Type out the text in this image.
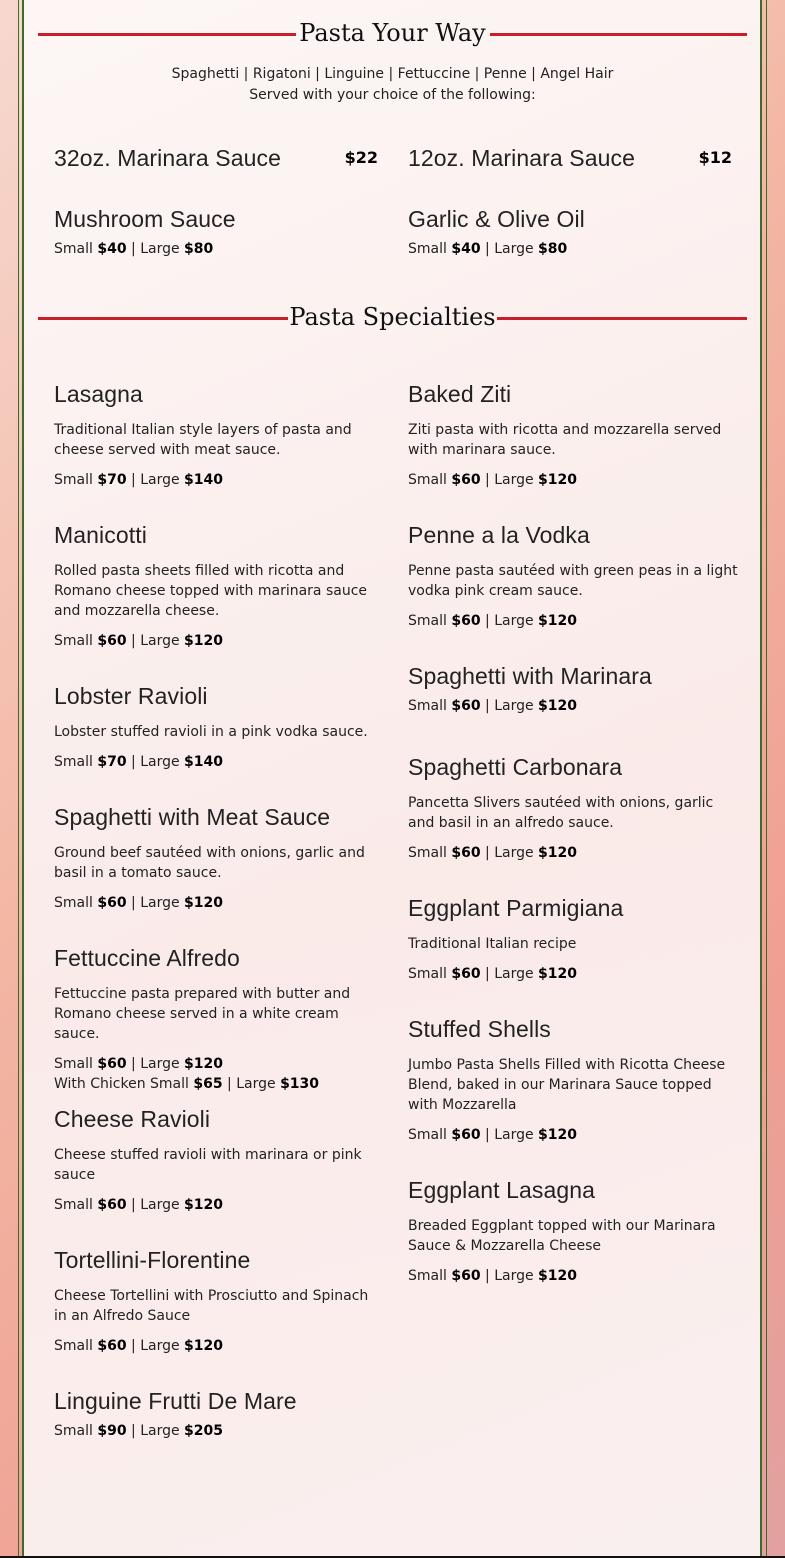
Pasta Your Way
Spaghetti | Rigatoni | Linguine | Fettuccine | Penne | Angel Hair
Served with your choice of the following:
32oz. Marinara Sauce	$22 12oz. Marinara Sauce	$12
Mushroom Sauce
Small $40 | Large $80
Garlic & Olive Oil
Small $40 | Large $80
Pasta Specialties
Lasagna
Traditional Italian style layers of pasta and cheese served with meat sauce.
Small $70 | Large $140
Manicotti
Rolled pasta sheets filled with ricotta and Romano cheese topped with marinara sauce and mozzarella cheese.
Small $60 | Large $120
Lobster Ravioli
Lobster stuffed ravioli in a pink vodka sauce.
Small $70 | Large $140
Spaghetti with Meat Sauce
Ground beef sautéed with onions, garlic and basil in a tomato sauce.
Small $60 | Large $120
Fettuccine Alfredo
Fettuccine pasta prepared with butter and Romano cheese served in a white cream sauce.
Small $60 | Large $120
With Chicken Small $65 | Large $130
Cheese Ravioli
Cheese stuffed ravioli with marinara or pink sauce
Small $60 | Large $120
Tortellini-Florentine
Cheese Tortellini with Prosciutto and Spinach in an Alfredo Sauce
Small $60 | Large $120
Linguine Frutti De Mare
Small $90 | Large $205
Baked Ziti
Ziti pasta with ricotta and mozzarella served with marinara sauce.
Small $60 | Large $120
Penne a la Vodka
Penne pasta sautéed with green peas in a light vodka pink cream sauce.
Small $60 | Large $120
Spaghetti with Marinara
Small $60 | Large $120
Spaghetti Carbonara
Pancetta Slivers sautéed with onions, garlic and basil in an alfredo sauce.
Small $60 | Large $120
Eggplant Parmigiana
Traditional Italian recipe
Small $60 | Large $120
Stuffed Shells
Jumbo Pasta Shells Filled with Ricotta Cheese Blend, baked in our Marinara Sauce topped with Mozzarella
Small $60 | Large $120
Eggplant Lasagna
Breaded Eggplant topped with our Marinara Sauce & Mozzarella Cheese
Small $60 | Large $120
